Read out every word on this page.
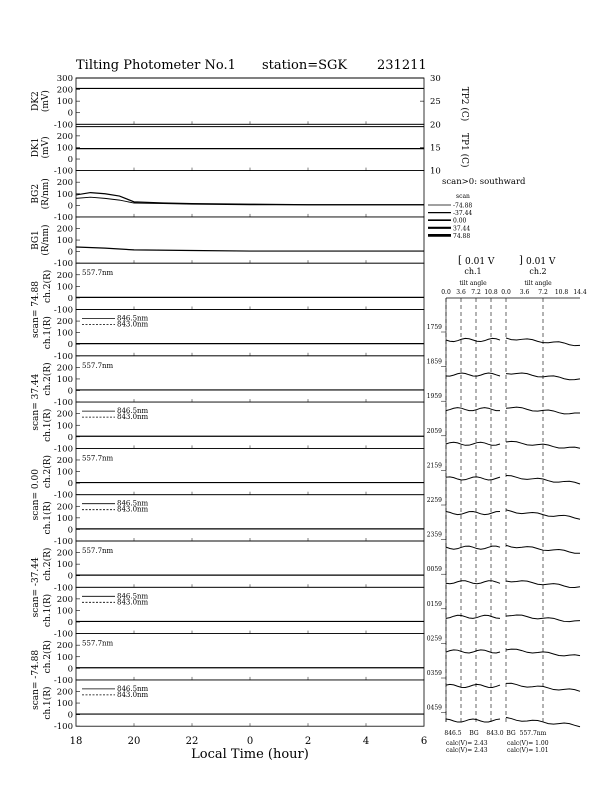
Tilting Photometer No.1 station=SGK 231211
300
200
100
0
-100
DK2 (mV)
200
100
0
-100
DK1 (mV)
200
100
0
-100
BG2 (R/nm)
200
100
0
-100
BG1 (R/nm)
200
100
0
-100
scan= 74.88 ch.2(R)	557.7nm
200
100
0
-100
ch.1(R)	846.5nm
843.0nm
200
100
0
-100
scan= 37.44 ch.2(R)	557.7nm
200
100
0
-100
ch.1(R)	846.5nm
843.0nm
200
100
0
-100
scan= 0.00 ch.2(R)	557.7nm
200
100
0
-100
ch.1(R)	846.5nm
843.0nm
200
100
0
-100
scan= -37.44 ch.2(R)	557.7nm
200
100
0
-100
ch.1(R)	846.5nm
843.0nm
200
100
0
-100
scan= -74.88 ch.2(R)	557.7nm
200
100
0
-100
ch.1(R)	846.5nm
843.0nm
30
25
20
15
10
TP2 (C)
TP1 (C)
18	20	22	0	2	4	6
Local Time (hour)
[ 0.01 V ] 0.01 V
ch.1	ch.2
tilt angle	tilt angle
0.0 3.6 7.2 10.8 0.0 3.6 7.2 10.8 14.4
1759
1859
1959
2059
2159
2259
2359
0059
0159
0259
0359
0459
846.5 BG 843.0 BG 557.7nm
calc(V)= 2.43
calc(V)= 2.43
calc(V)= 1.00
calc(V)= 1.01
scan>0: southward
scan
-74.88
-37.44
0.00
37.44
74.88
